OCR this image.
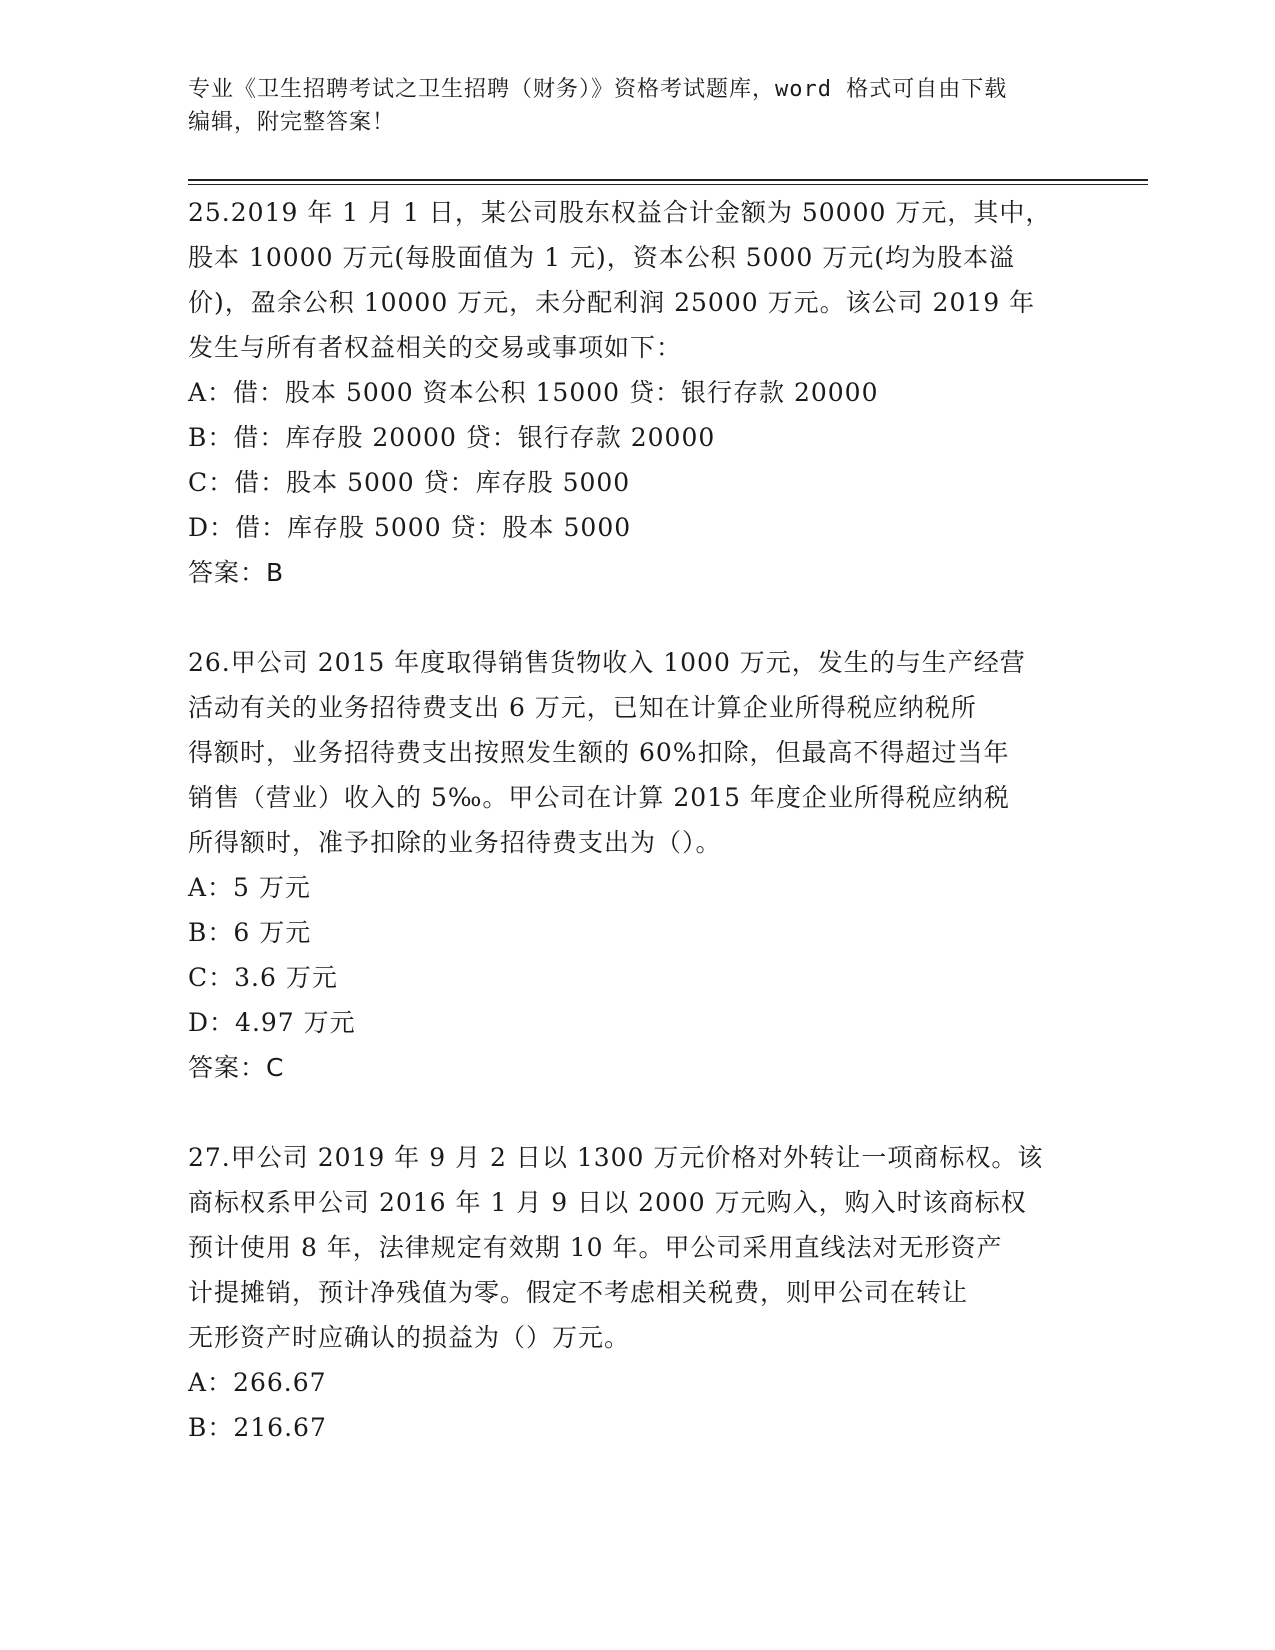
专业《卫生招聘考试之卫生招聘（财务）》资格考试题库，word 格式可自由下载
编辑，附完整答案！

25.2019 年 1 月 1 日，某公司股东权益合计金额为 50000 万元，其中，

股本 10000 万元(每股面值为 1 元)，资本公积 5000 万元(均为股本溢

价)，盈余公积 10000 万元，未分配利润 25000 万元。该公司 2019 年

发生与所有者权益相关的交易或事项如下：

A：借：股本 5000 资本公积 15000 贷：银行存款 20000

B：借：库存股 20000 贷：银行存款 20000

C：借：股本 5000 贷：库存股 5000

D：借：库存股 5000 贷：股本 5000

答案：B

26.甲公司 2015 年度取得销售货物收入 1000 万元，发生的与生产经营

活动有关的业务招待费支出 6 万元，已知在计算企业所得税应纳税所

得额时，业务招待费支出按照发生额的 60%扣除，但最高不得超过当年

销售（营业）收入的 5‰。甲公司在计算 2015 年度企业所得税应纳税

所得额时，准予扣除的业务招待费支出为（）。

A：5 万元

B：6 万元

C：3.6 万元

D：4.97 万元

答案：C

27.甲公司 2019 年 9 月 2 日以 1300 万元价格对外转让一项商标权。该

商标权系甲公司 2016 年 1 月 9 日以 2000 万元购入，购入时该商标权

预计使用 8 年，法律规定有效期 10 年。甲公司采用直线法对无形资产

计提摊销，预计净残值为零。假定不考虑相关税费，则甲公司在转让

无形资产时应确认的损益为（）万元。

A：266.67

B：216.67
